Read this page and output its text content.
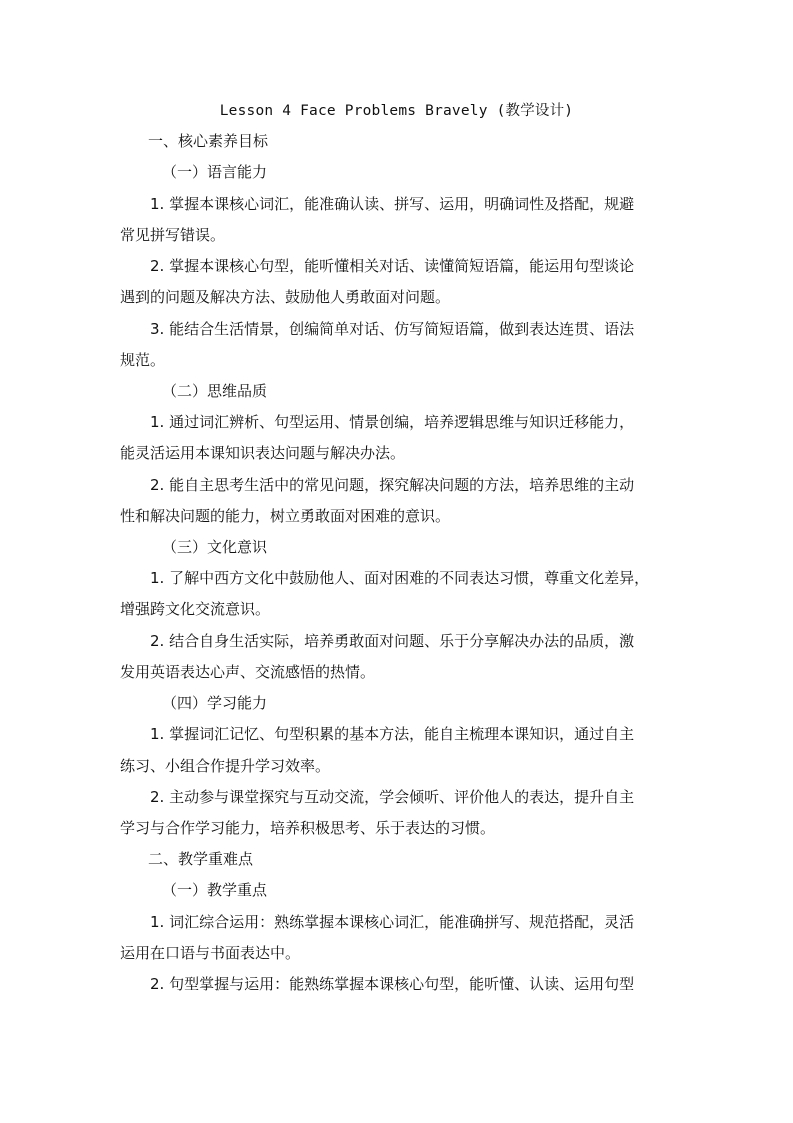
Lesson 4 Face Problems Bravely (教学设计)
一、核心素养目标
（一）语言能力
1. 掌握本课核心词汇，能准确认读、拼写、运用，明确词性及搭配，规避
常见拼写错误。
2. 掌握本课核心句型，能听懂相关对话、读懂简短语篇，能运用句型谈论
遇到的问题及解决方法、鼓励他人勇敢面对问题。
3. 能结合生活情景，创编简单对话、仿写简短语篇，做到表达连贯、语法
规范。
（二）思维品质
1. 通过词汇辨析、句型运用、情景创编，培养逻辑思维与知识迁移能力，
能灵活运用本课知识表达问题与解决办法。
2. 能自主思考生活中的常见问题，探究解决问题的方法，培养思维的主动
性和解决问题的能力，树立勇敢面对困难的意识。
（三）文化意识
1. 了解中西方文化中鼓励他人、面对困难的不同表达习惯，尊重文化差异，
增强跨文化交流意识。
2. 结合自身生活实际，培养勇敢面对问题、乐于分享解决办法的品质，激
发用英语表达心声、交流感悟的热情。
（四）学习能力
1. 掌握词汇记忆、句型积累的基本方法，能自主梳理本课知识，通过自主
练习、小组合作提升学习效率。
2. 主动参与课堂探究与互动交流，学会倾听、评价他人的表达，提升自主
学习与合作学习能力，培养积极思考、乐于表达的习惯。
二、教学重难点
（一）教学重点
1. 词汇综合运用：熟练掌握本课核心词汇，能准确拼写、规范搭配，灵活
运用在口语与书面表达中。
2. 句型掌握与运用：能熟练掌握本课核心句型，能听懂、认读、运用句型
